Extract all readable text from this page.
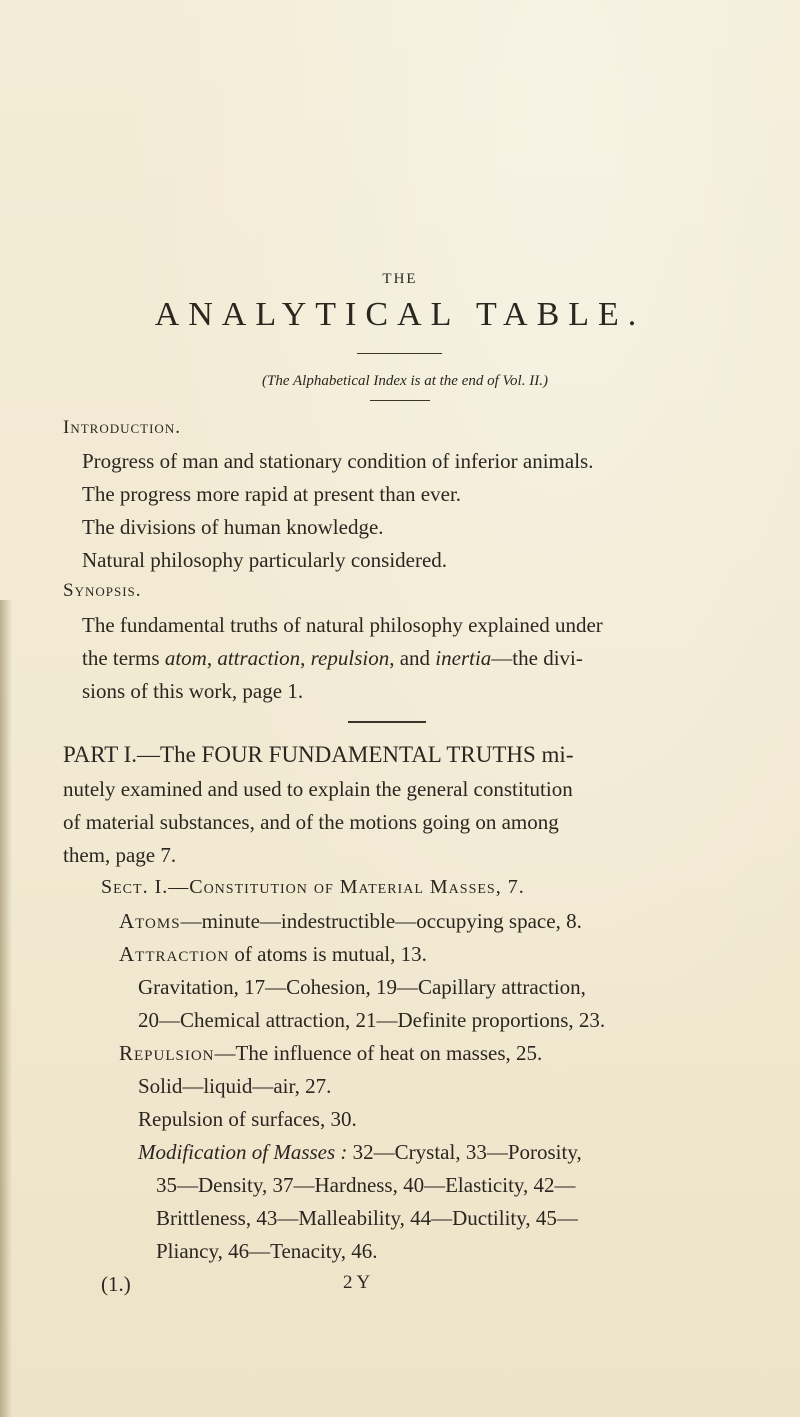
THE
ANALYTICAL TABLE.
(The Alphabetical Index is at the end of Vol. II.)
Introduction.
Progress of man and stationary condition of inferior animals.
The progress more rapid at present than ever.
The divisions of human knowledge.
Natural philosophy particularly considered.
Synopsis.
The fundamental truths of natural philosophy explained under
the terms atom, attraction, repulsion, and inertia—the divi-
sions of this work, page 1.
PART I.—The FOUR FUNDAMENTAL TRUTHS mi-
nutely examined and used to explain the general constitution
of material substances, and of the motions going on among
them, page 7.
Sect. I.—Constitution of Material Masses, 7.
Atoms—minute—indestructible—occupying space, 8.
Attraction of atoms is mutual, 13.
Gravitation, 17—Cohesion, 19—Capillary attraction,
20—Chemical attraction, 21—Definite proportions, 23.
Repulsion—The influence of heat on masses, 25.
Solid—liquid—air, 27.
Repulsion of surfaces, 30.
Modification of Masses : 32—Crystal, 33—Porosity,
35—Density, 37—Hardness, 40—Elasticity, 42—
Brittleness, 43—Malleability, 44—Ductility, 45—
Pliancy, 46—Tenacity, 46.
(1.)	2 Y
